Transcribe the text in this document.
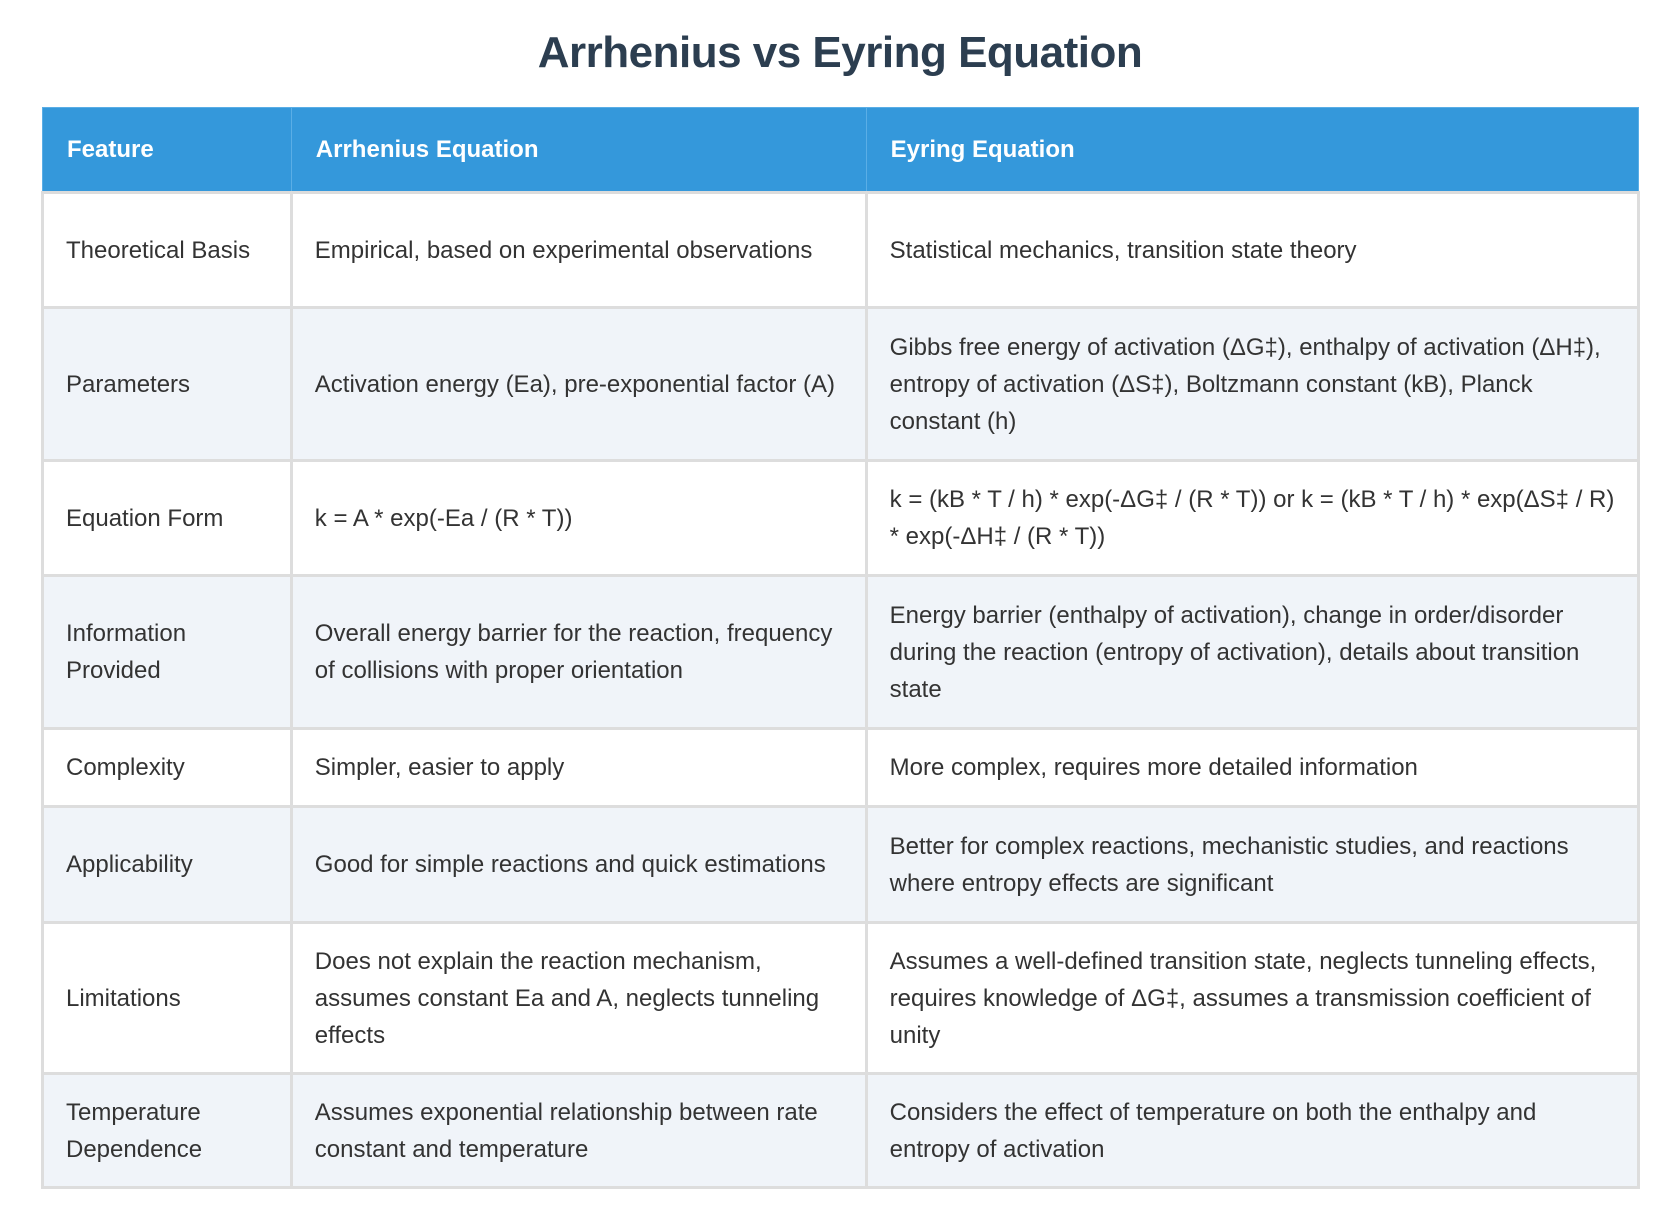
Arrhenius vs Eyring Equation
Feature	Arrhenius Equation	Eyring Equation
Theoretical Basis	Empirical, based on experimental observations	Statistical mechanics, transition state theory
Parameters	Activation energy (Ea), pre-exponential factor (A)	Gibbs free energy of activation (ΔG‡), enthalpy of activation (ΔH‡), entropy of activation (ΔS‡), Boltzmann constant (kB), Planck constant (h)
Equation Form	k = A * exp(-Ea / (R * T))	k = (kB * T / h) * exp(-ΔG‡ / (R * T)) or k = (kB * T / h) * exp(ΔS‡ / R) * exp(-ΔH‡ / (R * T))
Information Provided	Overall energy barrier for the reaction, frequency of collisions with proper orientation	Energy barrier (enthalpy of activation), change in order/disorder during the reaction (entropy of activation), details about transition state
Complexity	Simpler, easier to apply	More complex, requires more detailed information
Applicability	Good for simple reactions and quick estimations	Better for complex reactions, mechanistic studies, and reactions where entropy effects are significant
Limitations	Does not explain the reaction mechanism, assumes constant Ea and A, neglects tunneling effects	Assumes a well-defined transition state, neglects tunneling effects, requires knowledge of ΔG‡, assumes a transmission coefficient of unity
Temperature Dependence	Assumes exponential relationship between rate constant and temperature	Considers the effect of temperature on both the enthalpy and entropy of activation
